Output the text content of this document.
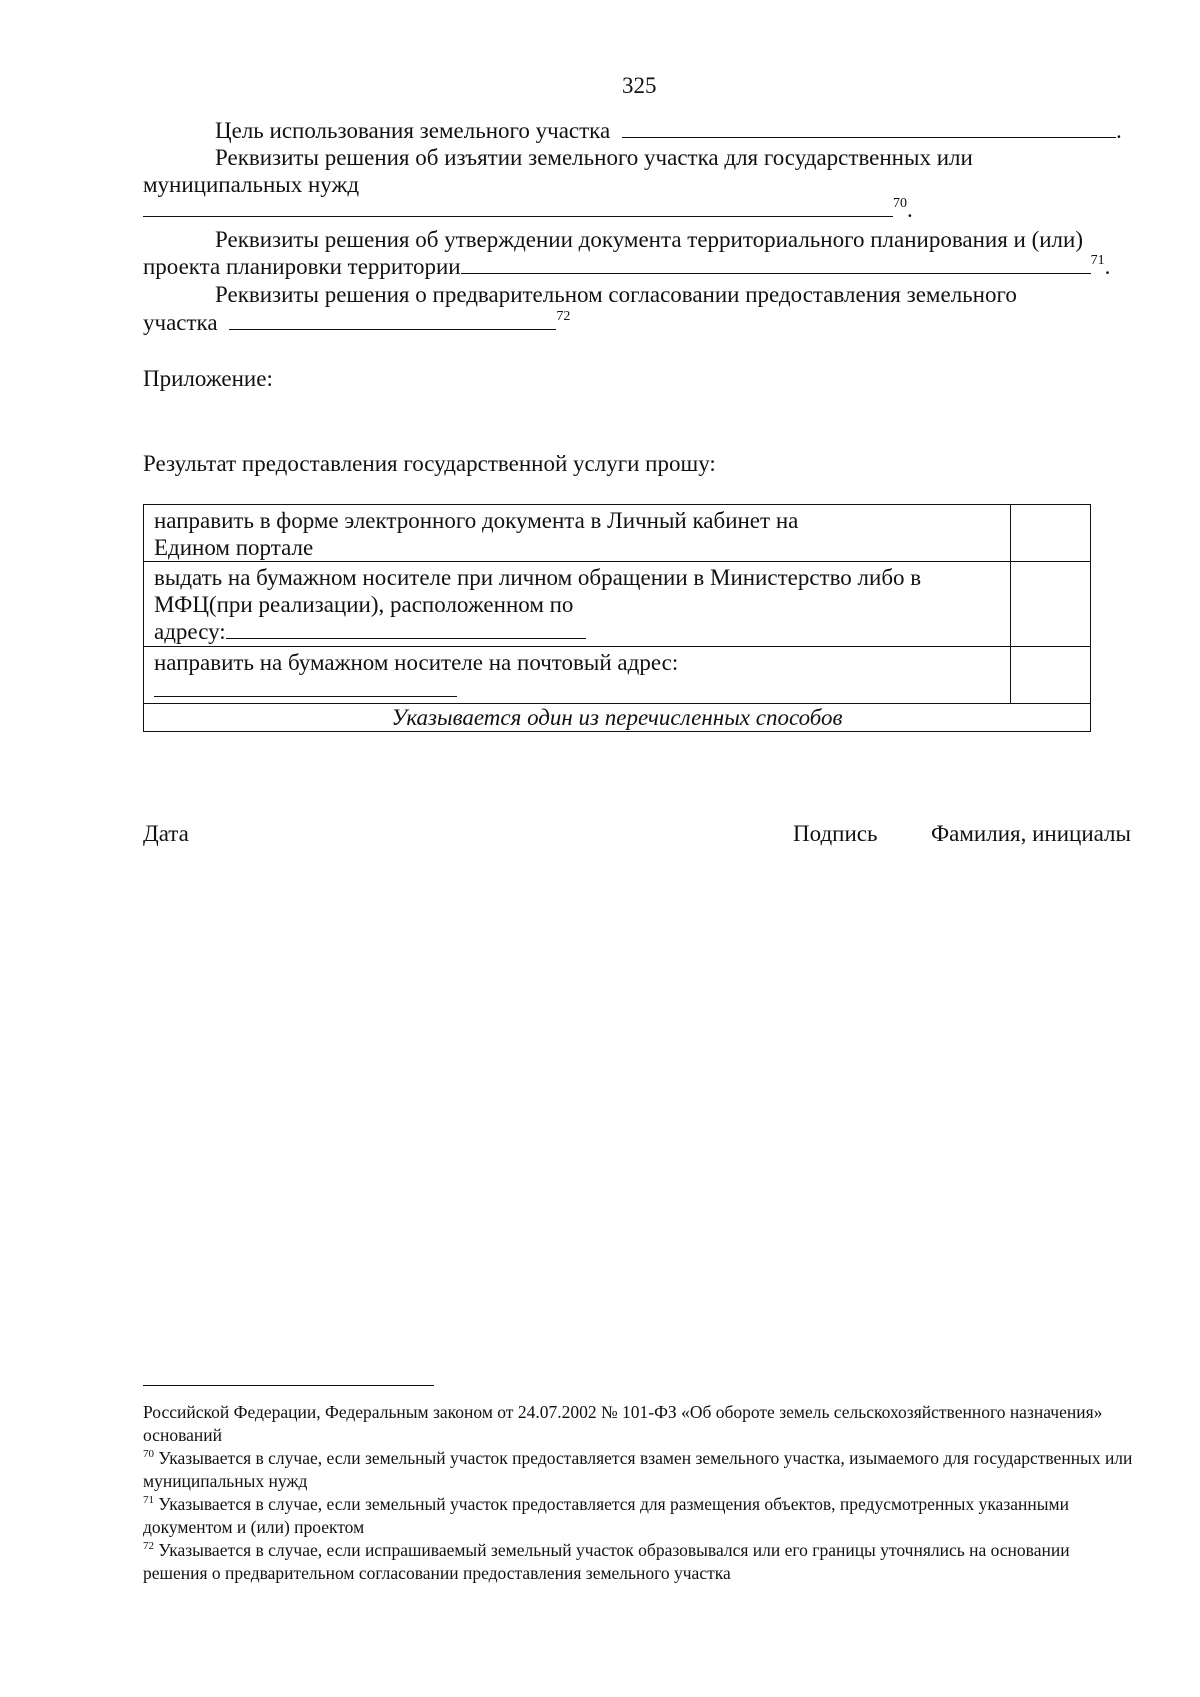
325
Цель использования земельного участка	.
Реквизиты решения об изъятии земельного участка для государственных или
муниципальных нужд
$^{70}$.
Реквизиты решения об утверждении документа территориального планирования и (или)
проекта планировки территории	$^{71}$.
Реквизиты решения о предварительном согласовании предоставления земельного
участка	$^{72}$
Приложение:
Результат предоставления государственной услуги прошу:
направить в форме электронного документа в Личный кабинет на
Едином портале	

выдать на бумажном носителе при личном обращении в Министерство либо в
МФЦ(при реализации), расположенном по
адресу:	

направить на бумажном носителе на почтовый адрес:	

Указывается один из перечисленных способов	
Дата	Подпись Фамилия, инициалы

Российской Федерации, Федеральным законом от 24.07.2002 № 101-ФЗ «Об обороте земель сельскохозяйственного назначения» оснований

$^{70}$ Указывается в случае, если земельный участок предоставляется взамен земельного участка, изымаемого для государственных или муниципальных нужд

$^{71}$ Указывается в случае, если земельный участок предоставляется для размещения объектов, предусмотренных указанными документом и (или) проектом

$^{72}$ Указывается в случае, если испрашиваемый земельный участок образовывался или его границы уточнялись на основании решения о предварительном согласовании предоставления земельного участка
